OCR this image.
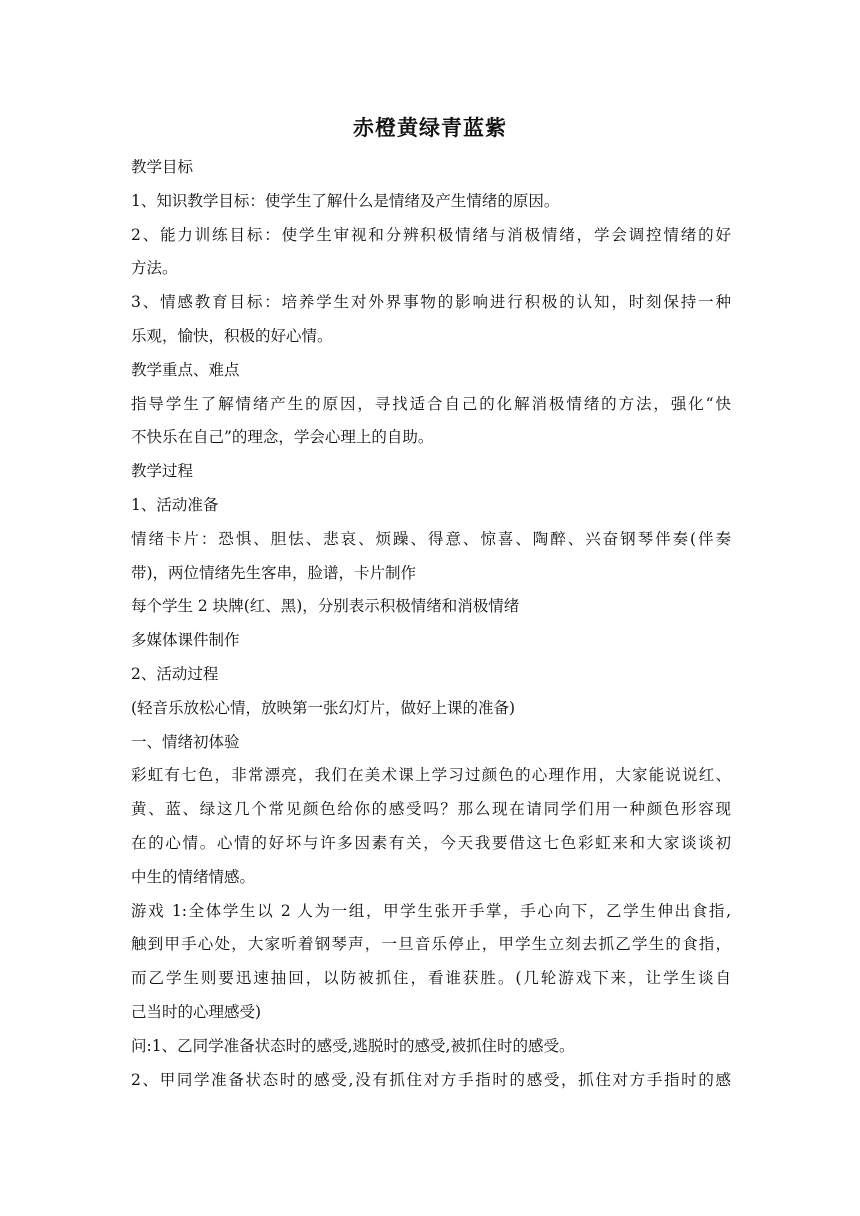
赤橙黄绿青蓝紫
教学目标
1、知识教学目标：使学生了解什么是情绪及产生情绪的原因。
2、能力训练目标：使学生审视和分辨积极情绪与消极情绪，学会调控情绪的好
方法。
3、情感教育目标：培养学生对外界事物的影响进行积极的认知，时刻保持一种
乐观，愉快，积极的好心情。
教学重点、难点
指导学生了解情绪产生的原因，寻找适合自己的化解消极情绪的方法，强化“快
不快乐在自己”的理念，学会心理上的自助。
教学过程
1、活动准备
情绪卡片：恐惧、胆怯、悲哀、烦躁、得意、惊喜、陶醉、兴奋钢琴伴奏(伴奏
带)，两位情绪先生客串，脸谱，卡片制作
每个学生 2 块牌(红、黑)，分别表示积极情绪和消极情绪
多媒体课件制作
2、活动过程
(轻音乐放松心情，放映第一张幻灯片，做好上课的准备)
一、情绪初体验
彩虹有七色，非常漂亮，我们在美术课上学习过颜色的心理作用，大家能说说红、
黄、蓝、绿这几个常见颜色给你的感受吗？那么现在请同学们用一种颜色形容现
在的心情。心情的好坏与许多因素有关，今天我要借这七色彩虹来和大家谈谈初
中生的情绪情感。
游戏 1:全体学生以 2 人为一组，甲学生张开手掌，手心向下，乙学生伸出食指,
触到甲手心处，大家听着钢琴声，一旦音乐停止，甲学生立刻去抓乙学生的食指，
而乙学生则要迅速抽回，以防被抓住，看谁获胜。(几轮游戏下来，让学生谈自
己当时的心理感受)
问:1、乙同学准备状态时的感受,逃脱时的感受,被抓住时的感受。
2、甲同学准备状态时的感受,没有抓住对方手指时的感受，抓住对方手指时的感
